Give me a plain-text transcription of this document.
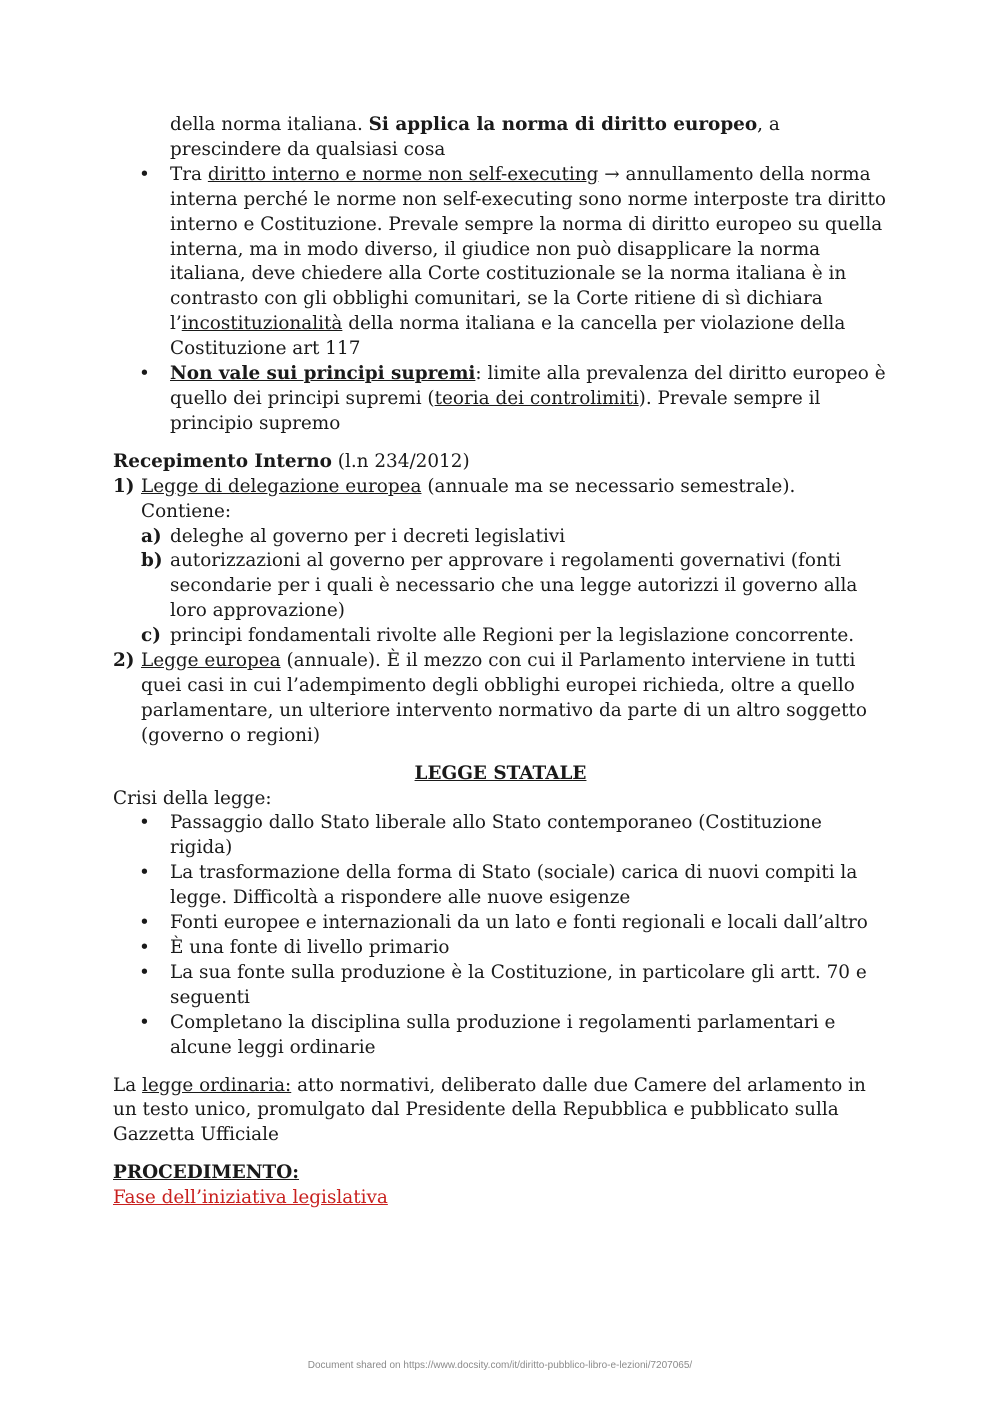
della norma italiana. Si applica la norma di diritto europeo, a prescindere da qualsiasi cosa
• Tra diritto interno e norme non self-executing → annullamento della norma interna perché le norme non self-executing sono norme interposte tra diritto interno e Costituzione. Prevale sempre la norma di diritto europeo su quella interna, ma in modo diverso, il giudice non può disapplicare la norma italiana, deve chiedere alla Corte costituzionale se la norma italiana è in contrasto con gli obblighi comunitari, se la Corte ritiene di sì dichiara l’incostituzionalità della norma italiana e la cancella per violazione della Costituzione art 117
• Non vale sui principi supremi: limite alla prevalenza del diritto europeo è quello dei principi supremi (teoria dei controlimiti). Prevale sempre il principio supremo
Recepimento Interno (l.n 234/2012)
1) Legge di delegazione europea (annuale ma se necessario semestrale). Contiene:
a) deleghe al governo per i decreti legislativi
b) autorizzazioni al governo per approvare i regolamenti governativi (fonti secondarie per i quali è necessario che una legge autorizzi il governo alla loro approvazione)
c) principi fondamentali rivolte alle Regioni per la legislazione concorrente.
2) Legge europea (annuale). È il mezzo con cui il Parlamento interviene in tutti quei casi in cui l’adempimento degli obblighi europei richieda, oltre a quello parlamentare, un ulteriore intervento normativo da parte di un altro soggetto (governo o regioni)
LEGGE STATALE
Crisi della legge:
• Passaggio dallo Stato liberale allo Stato contemporaneo (Costituzione rigida)
• La trasformazione della forma di Stato (sociale) carica di nuovi compiti la legge. Difficoltà a rispondere alle nuove esigenze
• Fonti europee e internazionali da un lato e fonti regionali e locali dall’altro
• È una fonte di livello primario
• La sua fonte sulla produzione è la Costituzione, in particolare gli artt. 70 e seguenti
• Completano la disciplina sulla produzione i regolamenti parlamentari e alcune leggi ordinarie
La legge ordinaria: atto normativi, deliberato dalle due Camere del arlamento in un testo unico, promulgato dal Presidente della Repubblica e pubblicato sulla Gazzetta Ufficiale
PROCEDIMENTO:
Fase dell’iniziativa legislativa
Document shared on https://www.docsity.com/it/diritto-pubblico-libro-e-lezioni/7207065/
